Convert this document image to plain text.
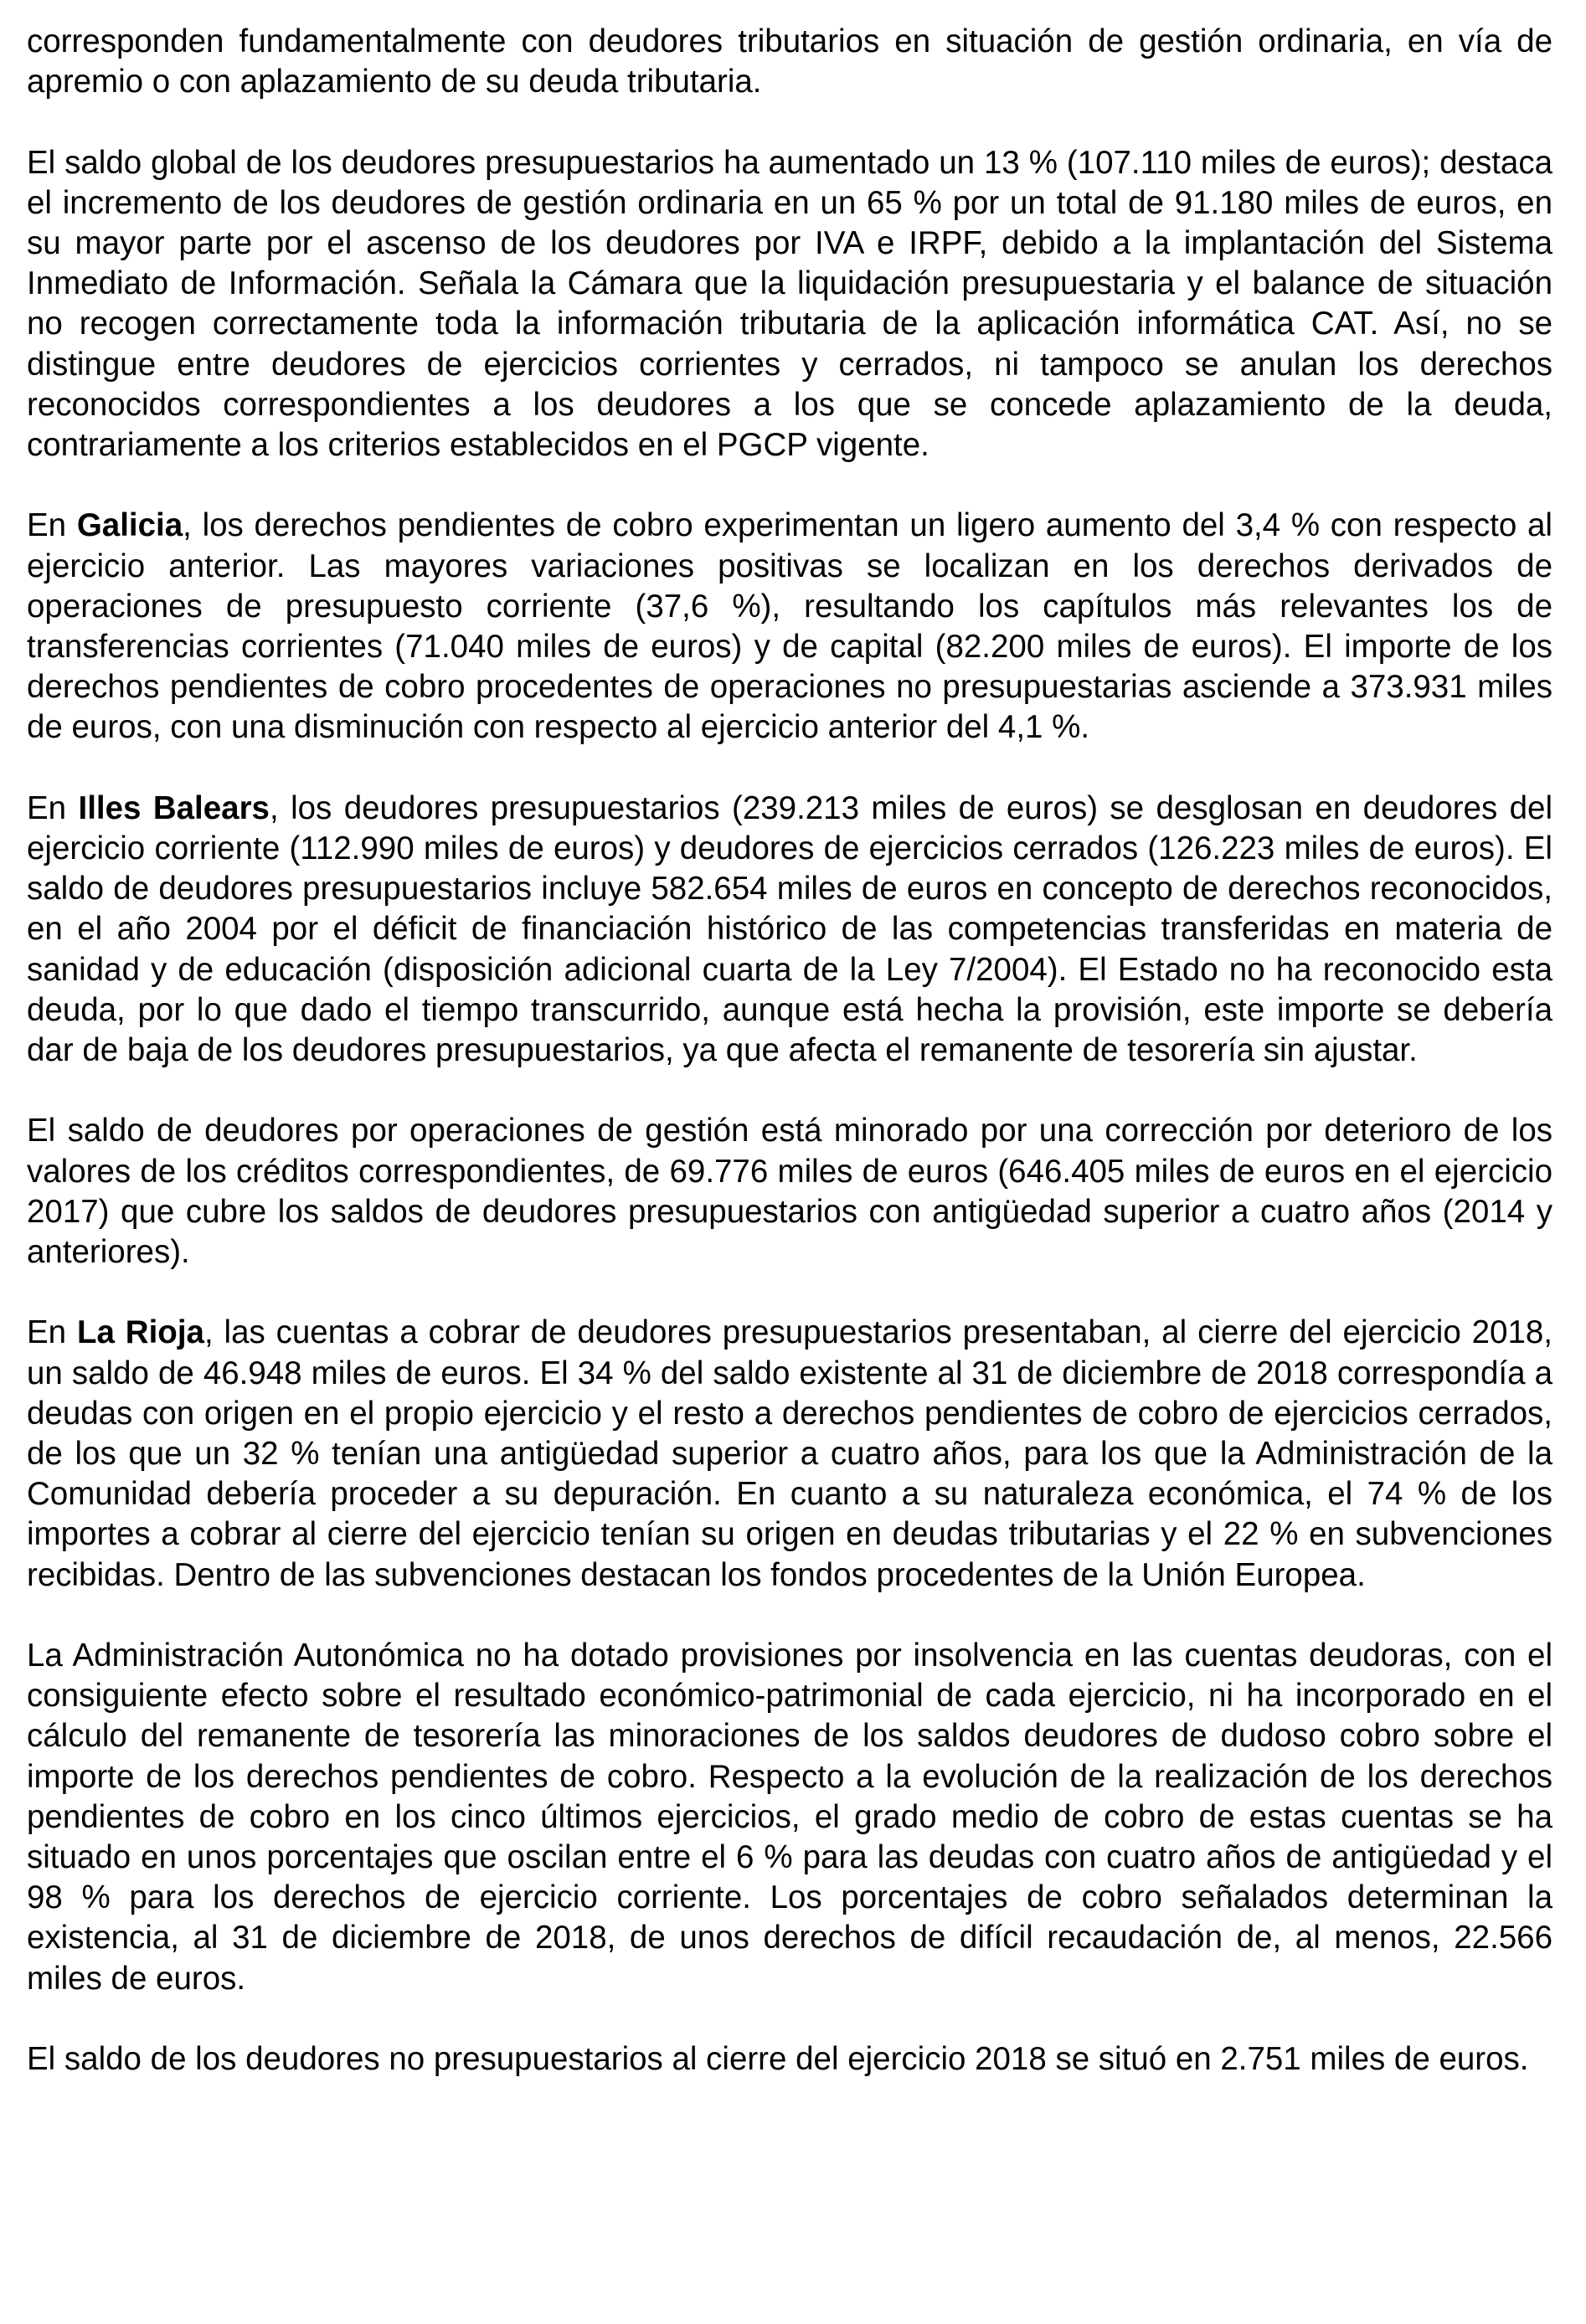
corresponden fundamentalmente con deudores tributarios en situación de gestión ordinaria, en vía de apremio o con aplazamiento de su deuda tributaria.

El saldo global de los deudores presupuestarios ha aumentado un 13 % (107.110 miles de euros); destaca el incremento de los deudores de gestión ordinaria en un 65 % por un total de 91.180 miles de euros, en su mayor parte por el ascenso de los deudores por IVA e IRPF, debido a la implantación del Sistema Inmediato de Información. Señala la Cámara que la liquidación presupuestaria y el balance de situación no recogen correctamente toda la información tributaria de la aplicación informática CAT. Así, no se distingue entre deudores de ejercicios corrientes y cerrados, ni tampoco se anulan los derechos reconocidos correspondientes a los deudores a los que se concede aplazamiento de la deuda, contrariamente a los criterios establecidos en el PGCP vigente.

En Galicia, los derechos pendientes de cobro experimentan un ligero aumento del 3,4 % con respecto al ejercicio anterior. Las mayores variaciones positivas se localizan en los derechos derivados de operaciones de presupuesto corriente (37,6 %), resultando los capítulos más relevantes los de transferencias corrientes (71.040 miles de euros) y de capital (82.200 miles de euros). El importe de los derechos pendientes de cobro procedentes de operaciones no presupuestarias asciende a 373.931 miles de euros, con una disminución con respecto al ejercicio anterior del 4,1 %.

En Illes Balears, los deudores presupuestarios (239.213 miles de euros) se desglosan en deudores del ejercicio corriente (112.990 miles de euros) y deudores de ejercicios cerrados (126.223 miles de euros). El saldo de deudores presupuestarios incluye 582.654 miles de euros en concepto de derechos reconocidos, en el año 2004 por el déficit de financiación histórico de las competencias transferidas en materia de sanidad y de educación (disposición adicional cuarta de la Ley 7/2004). El Estado no ha reconocido esta deuda, por lo que dado el tiempo transcurrido, aunque está hecha la provisión, este importe se debería dar de baja de los deudores presupuestarios, ya que afecta el remanente de tesorería sin ajustar.

El saldo de deudores por operaciones de gestión está minorado por una corrección por deterioro de los valores de los créditos correspondientes, de 69.776 miles de euros (646.405 miles de euros en el ejercicio 2017) que cubre los saldos de deudores presupuestarios con antigüedad superior a cuatro años (2014 y anteriores).

En La Rioja, las cuentas a cobrar de deudores presupuestarios presentaban, al cierre del ejercicio 2018, un saldo de 46.948 miles de euros. El 34 % del saldo existente al 31 de diciembre de 2018 correspondía a deudas con origen en el propio ejercicio y el resto a derechos pendientes de cobro de ejercicios cerrados, de los que un 32 % tenían una antigüedad superior a cuatro años, para los que la Administración de la Comunidad debería proceder a su depuración. En cuanto a su naturaleza económica, el 74 % de los importes a cobrar al cierre del ejercicio tenían su origen en deudas tributarias y el 22 % en subvenciones recibidas. Dentro de las subvenciones destacan los fondos procedentes de la Unión Europea.

La Administración Autonómica no ha dotado provisiones por insolvencia en las cuentas deudoras, con el consiguiente efecto sobre el resultado económico-patrimonial de cada ejercicio, ni ha incorporado en el cálculo del remanente de tesorería las minoraciones de los saldos deudores de dudoso cobro sobre el importe de los derechos pendientes de cobro. Respecto a la evolución de la realización de los derechos pendientes de cobro en los cinco últimos ejercicios, el grado medio de cobro de estas cuentas se ha situado en unos porcentajes que oscilan entre el 6 % para las deudas con cuatro años de antigüedad y el 98 % para los derechos de ejercicio corriente. Los porcentajes de cobro señalados determinan la existencia, al 31 de diciembre de 2018, de unos derechos de difícil recaudación de, al menos, 22.566 miles de euros.

El saldo de los deudores no presupuestarios al cierre del ejercicio 2018 se situó en 2.751 miles de euros.
